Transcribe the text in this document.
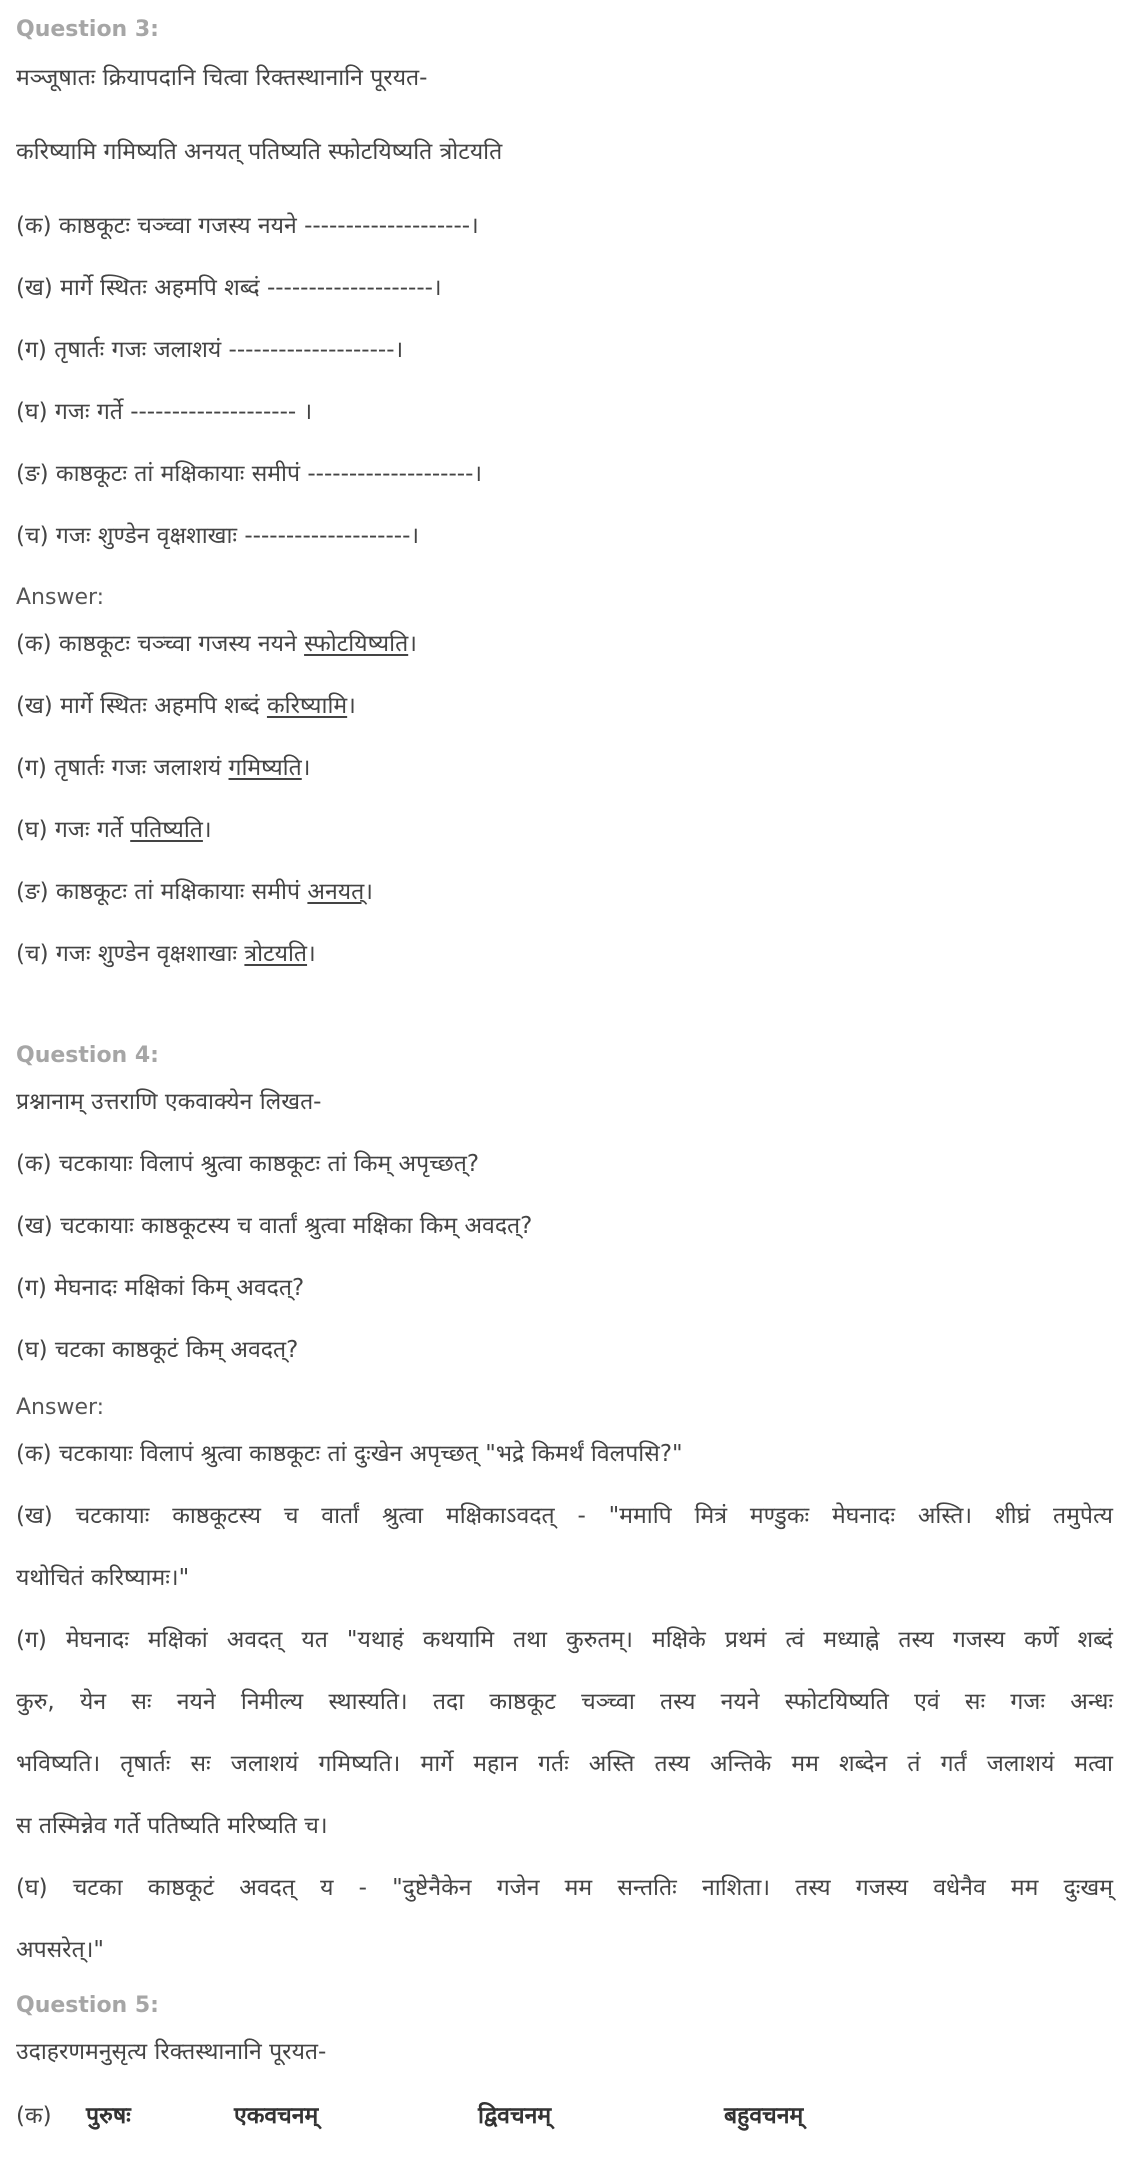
Question 3:
मञ्जूषातः क्रियापदानि चित्वा रिक्तस्थानानि पूरयत-
करिष्यामि गमिष्यति अनयत् पतिष्यति स्फोटयिष्यति त्रोटयति
(क) काष्ठकूटः चञ्च्वा गजस्य नयने --------------------।
(ख) मार्गे स्थितः अहमपि शब्दं --------------------।
(ग) तृषार्तः गजः जलाशयं --------------------।
(घ) गजः गर्ते -------------------- ।
(ङ) काष्ठकूटः तां मक्षिकायाः समीपं --------------------।
(च) गजः शुण्डेन वृक्षशाखाः --------------------।
Answer:
(क) काष्ठकूटः चञ्च्वा गजस्य नयने स्फोटयिष्यति।
(ख) मार्गे स्थितः अहमपि शब्दं करिष्यामि।
(ग) तृषार्तः गजः जलाशयं गमिष्यति।
(घ) गजः गर्ते पतिष्यति।
(ङ) काष्ठकूटः तां मक्षिकायाः समीपं अनयत्।
(च) गजः शुण्डेन वृक्षशाखाः त्रोटयति।
Question 4:
प्रश्नानाम् उत्तराणि एकवाक्येन लिखत-
(क) चटकायाः विलापं श्रुत्वा काष्ठकूटः तां किम् अपृच्छत्?
(ख) चटकायाः काष्ठकूटस्य च वार्तां श्रुत्वा मक्षिका किम् अवदत्?
(ग) मेघनादः मक्षिकां किम् अवदत्?
(घ) चटका काष्ठकूटं किम् अवदत्?
Answer:
(क) चटकायाः विलापं श्रुत्वा काष्ठकूटः तां दुःखेन अपृच्छत् "भद्रे किमर्थं विलपसि?"
(ख) चटकायाः काष्ठकूटस्य च वार्तां श्रुत्वा मक्षिकाऽवदत् - "ममापि मित्रं मण्डुकः मेघनादः अस्ति। शीघ्रं तमुपेत्य
यथोचितं करिष्यामः।"
(ग) मेघनादः मक्षिकां अवदत् यत "यथाहं कथयामि तथा कुरुतम्। मक्षिके प्रथमं त्वं मध्याह्ने तस्य गजस्य कर्णे शब्दं
कुरु, येन सः नयने निमील्य स्थास्यति। तदा काष्ठकूट चञ्च्वा तस्य नयने स्फोटयिष्यति एवं सः गजः अन्धः
भविष्यति। तृषार्तः सः जलाशयं गमिष्यति। मार्गे महान गर्तः अस्ति तस्य अन्तिके मम शब्देन तं गर्तं जलाशयं मत्वा
स तस्मिन्नेव गर्ते पतिष्यति मरिष्यति च।
(घ) चटका काष्ठकूटं अवदत् य - "दुष्टेनैकेन गजेन मम सन्ततिः नाशिता। तस्य गजस्य वधेनैव मम दुःखम्
अपसरेत्।"
Question 5:
उदाहरणमनुसृत्य रिक्तस्थानानि पूरयत-
(क) पुरुषः	एकवचनम्	द्विवचनम्	बहुवचनम्
